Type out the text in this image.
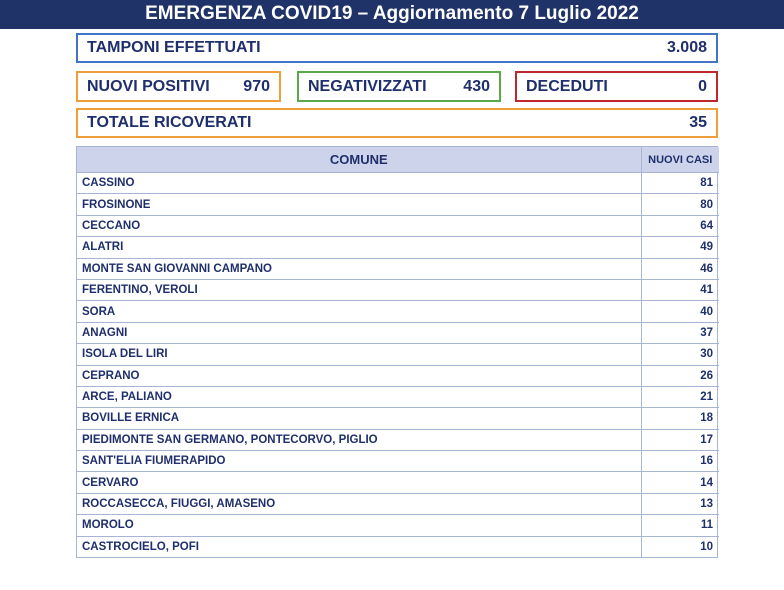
EMERGENZA COVID19 – Aggiornamento 7 Luglio 2022
TAMPONI EFFETTUATI	3.008
NUOVI POSITIVI 970 NEGATIVIZZATI 430 DECEDUTI	0
TOTALE RICOVERATI	35
COMUNE	NUOVI CASI
CASSINO	81
FROSINONE	80
CECCANO	64
ALATRI	49
MONTE SAN GIOVANNI CAMPANO	46
FERENTINO, VEROLI	41
SORA	40
ANAGNI	37
ISOLA DEL LIRI	30
CEPRANO	26
ARCE, PALIANO	21
BOVILLE ERNICA	18
PIEDIMONTE SAN GERMANO, PONTECORVO, PIGLIO	17
SANT'ELIA FIUMERAPIDO	16
CERVARO	14
ROCCASECCA, FIUGGI, AMASENO	13
MOROLO	11
CASTROCIELO, POFI	10
